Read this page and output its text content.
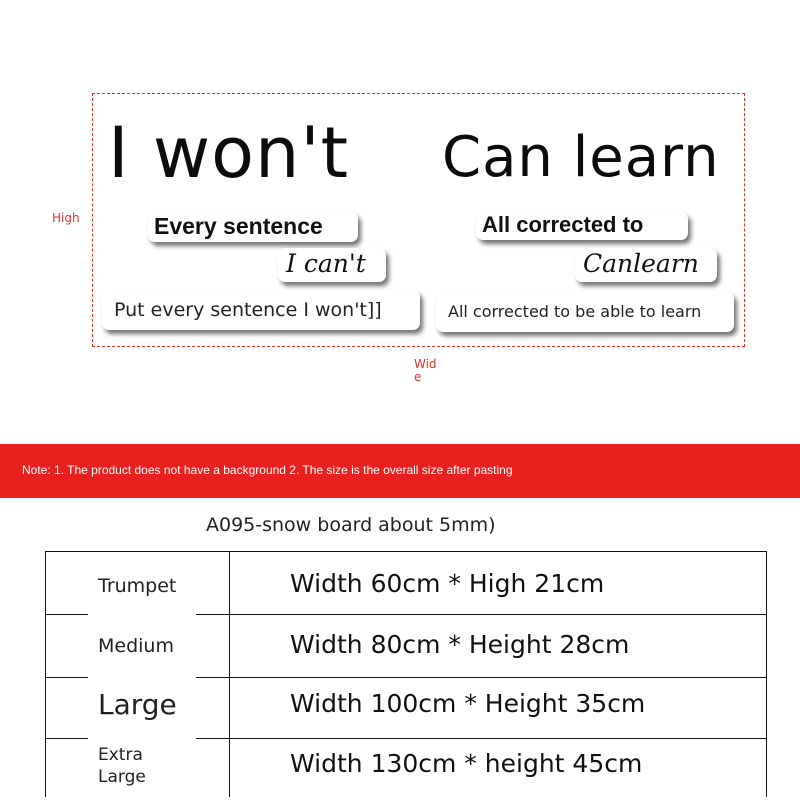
High
Wide
I won't Can learn
Every sentence	All corrected to
I can't	Canlearn
Put every sentence I won't]]	All corrected to be able to learn
Note: 1. The product does not have a background 2. The size is the overall size after pasting
A095-snow board about 5mm)
Trumpet	Width 60cm * High 21cm
Medium	Width 80cm * Height 28cm
Large	Width 100cm * Height 35cm
Extra Large	Width 130cm * height 45cm
